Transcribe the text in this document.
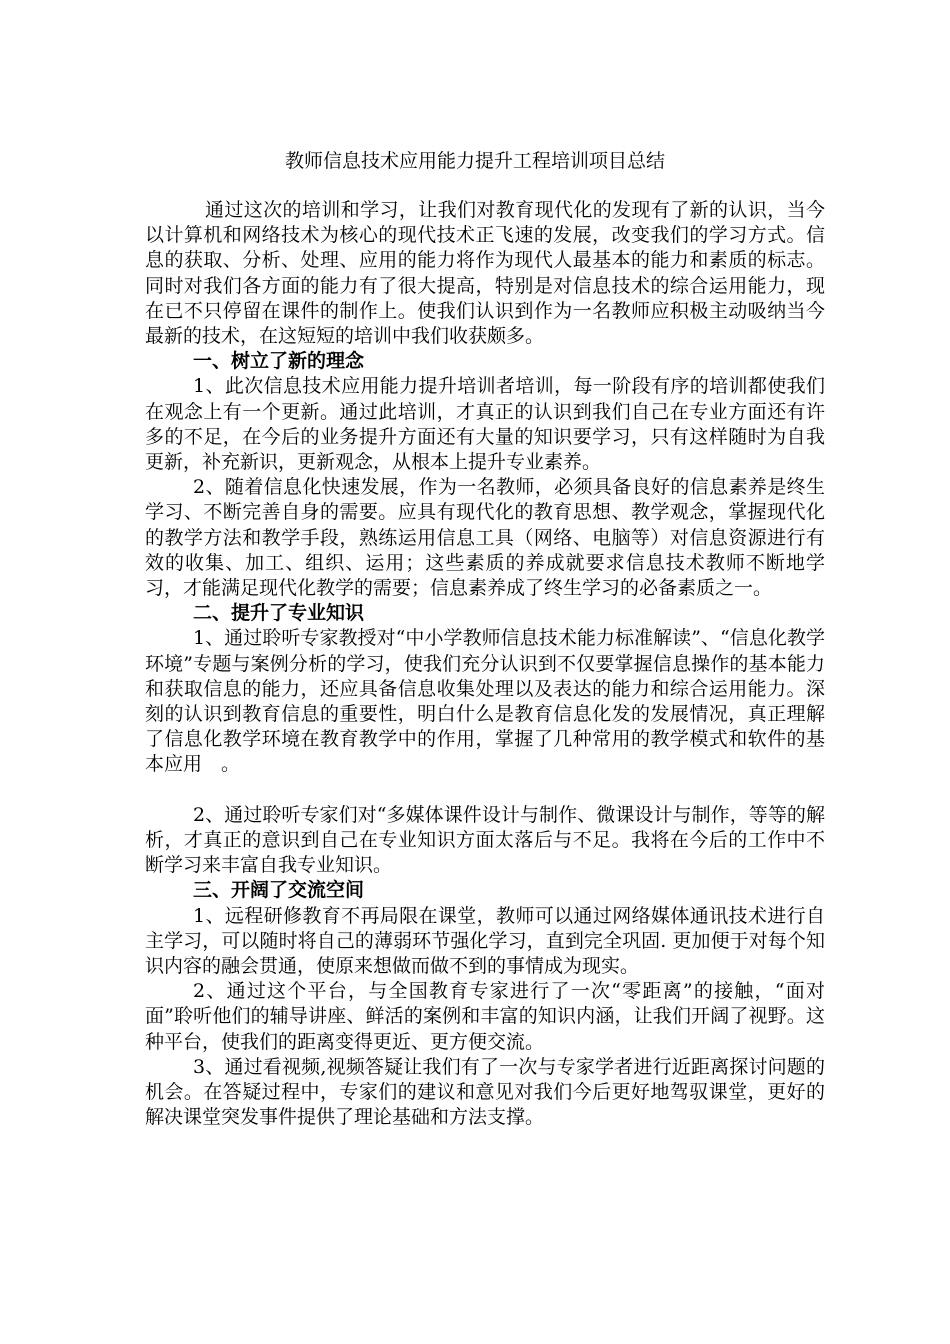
教师信息技术应用能力提升工程培训项目总结

通过这次的培训和学习，让我们对教育现代化的发现有了新的认识，当今以计算机和网络技术为核心的现代技术正飞速的发展，改变我们的学习方式。信息的获取、分析、处理、应用的能力将作为现代人最基本的能力和素质的标志。同时对我们各方面的能力有了很大提高，特别是对信息技术的综合运用能力，现在已不只停留在课件的制作上。使我们认识到作为一名教师应积极主动吸纳当今最新的技术，在这短短的培训中我们收获颇多。

一、树立了新的理念

1、此次信息技术应用能力提升培训者培训，每一阶段有序的培训都使我们在观念上有一个更新。通过此培训，才真正的认识到我们自己在专业方面还有许多的不足，在今后的业务提升方面还有大量的知识要学习，只有这样随时为自我更新，补充新识，更新观念，从根本上提升专业素养。

2、随着信息化快速发展，作为一名教师，必须具备良好的信息素养是终生学习、不断完善自身的需要。应具有现代化的教育思想、教学观念，掌握现代化的教学方法和教学手段，熟练运用信息工具（网络、电脑等）对信息资源进行有效的收集、加工、组织、运用；这些素质的养成就要求信息技术教师不断地学习，才能满足现代化教学的需要；信息素养成了终生学习的必备素质之一。

二、提升了专业知识

1、通过聆听专家教授对“中小学教师信息技术能力标准解读”、“信息化教学环境”专题与案例分析的学习，使我们充分认识到不仅要掌握信息操作的基本能力和获取信息的能力，还应具备信息收集处理以及表达的能力和综合运用能力。深刻的认识到教育信息的重要性，明白什么是教育信息化发的发展情况，真正理解了信息化教学环境在教育教学中的作用，掌握了几种常用的教学模式和软件的基本应用　。

2、通过聆听专家们对“多媒体课件设计与制作、微课设计与制作，等等的解析，才真正的意识到自己在专业知识方面太落后与不足。我将在今后的工作中不断学习来丰富自我专业知识。

三、开阔了交流空间

1、远程研修教育不再局限在课堂，教师可以通过网络媒体通讯技术进行自主学习，可以随时将自己的薄弱环节强化学习，直到完全巩固. 更加便于对每个知识内容的融会贯通，使原来想做而做不到的事情成为现实。

2、通过这个平台，与全国教育专家进行了一次“零距离”的接触，“面对面”聆听他们的辅导讲座、鲜活的案例和丰富的知识内涵，让我们开阔了视野。这种平台，使我们的距离变得更近、更方便交流。

3、通过看视频,视频答疑让我们有了一次与专家学者进行近距离探讨问题的机会。在答疑过程中，专家们的建议和意见对我们今后更好地驾驭课堂，更好的解决课堂突发事件提供了理论基础和方法支撑。
